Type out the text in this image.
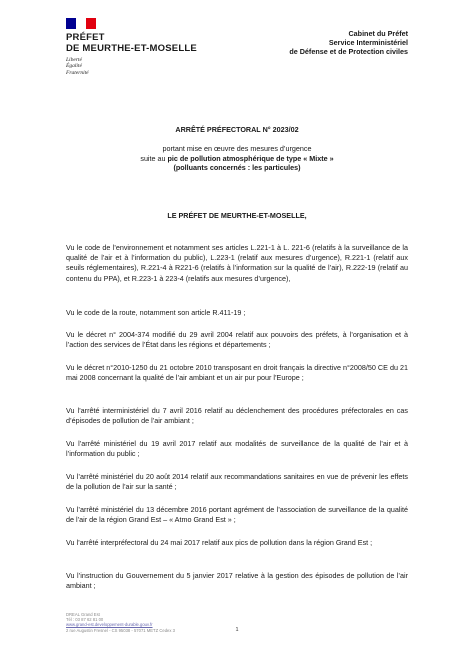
PRÉFET
DE MEURTHE-ET-MOSELLE
Liberté
Égalité
Fraternité
Cabinet du Préfet
Service Interministériel
de Défense et de Protection civiles
ARRÊTÉ PRÉFECTORAL N° 2023/02
portant mise en œuvre des mesures d’urgence
suite au pic de pollution atmosphérique de type « Mixte »
(polluants concernés : les particules)
LE PRÉFET DE MEURTHE-ET-MOSELLE,
Vu le code de l’environnement et notamment ses articles L.221-1 à L. 221-6 (relatifs à la surveillance de la qualité de l’air et à l’information du public), L.223-1 (relatif aux mesures d’urgence), R.221-1 (relatif aux seuils réglementaires), R.221-4 à R221-6 (relatifs à l’information sur la qualité de l’air), R.222-19 (relatif au contenu du PPA), et R.223-1 à 223-4 (relatifs aux mesures d’urgence),
Vu le code de la route, notamment son article R.411-19 ;
Vu le décret n° 2004-374 modifié du 29 avril 2004 relatif aux pouvoirs des préfets, à l’organisation et à l’action des services de l’État dans les régions et départements ;
Vu le décret n°2010-1250 du 21 octobre 2010 transposant en droit français la directive n°2008/50 CE du 21 mai 2008 concernant la qualité de l’air ambiant et un air pur pour l’Europe ;
Vu l’arrêté interministériel du 7 avril 2016 relatif au déclenchement des procédures préfectorales en cas d’épisodes de pollution de l’air ambiant ;
Vu l’arrêté ministériel du 19 avril 2017 relatif aux modalités de surveillance de la qualité de l’air et à l’information du public ;
Vu l’arrêté ministériel du 20 août 2014 relatif aux recommandations sanitaires en vue de prévenir les effets de la pollution de l’air sur la santé ;
Vu l’arrêté ministériel du 13 décembre 2016 portant agrément de l’association de surveillance de la qualité de l’air de la région Grand Est – « Atmo Grand Est » ;
Vu l’arrêté interpréfectoral du 24 mai 2017 relatif aux pics de pollution dans la région Grand Est ;
Vu l’instruction du Gouvernement du 5 janvier 2017 relative à la gestion des épisodes de pollution de l’air ambiant ;
DREAL Grand Est
Tél : 03 87 62 81 00
www.grand-est.developpement-durable.gouv.fr
2 rue Augustin Fresnel - CS 95038 - 57071 METZ Cedex 3	1
